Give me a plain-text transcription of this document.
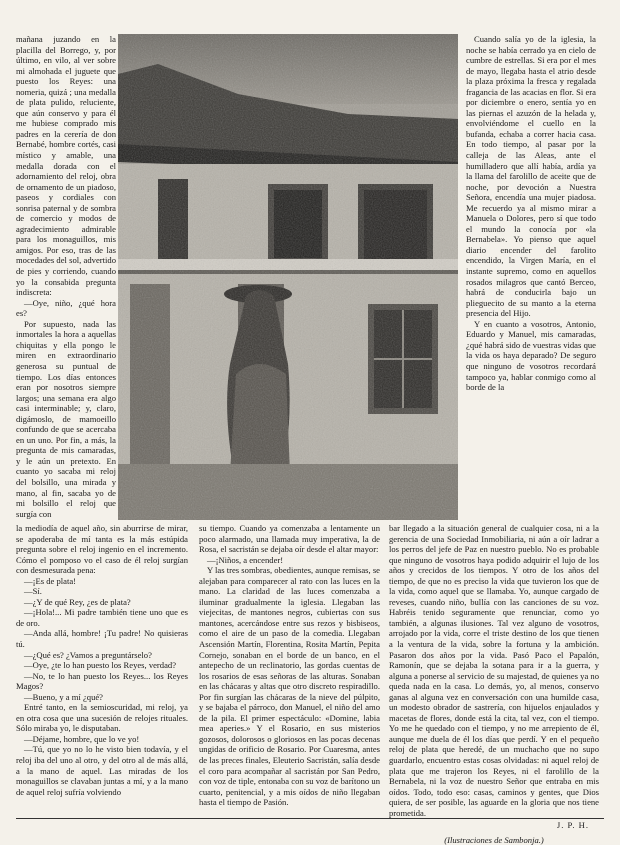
mañana juzando en la placilla del Borrego, y, por último, en vilo, al ver sobre mi almohada el juguete que puesto los Reyes: una nomeria, quizá ; una medalla de plata pulido, reluciente, que aún conservo y para él me hubiese comprado mis padres en la cerería de don Bernabé, hombre cortés, casi místico y amable, una medalla dorada con el adornamiento del reloj, obra de ornamento de un piadoso, paseos y cordiales con sonrisa paternal y de sombra de comercio y modos de agradecimiento admirable para los monaguillos, mis amigos. Por eso, tras de las mocedades del sol, advertido de pies y corriendo, cuando yo la consabida pregunta indiscreta:

—Oye, niño, ¿qué hora es?

Por supuesto, nada las inmortales la hora a aquellas chiquitas y ella pongo le miren en extraordinario generosa su puntual de tiempo. Los días entonces eran por nosotros siempre largos; una semana era algo casi interminable; y, claro, digámoslo, de mamoeillo confundo de que se acercaba en un uno. Por fin, a más, la pregunta de mis camaradas, y le aún un pretexto. En cuanto yo sacaba mi reloj del bolsillo, una mirada y mano, al fin, sacaba yo de mi bolsillo el reloj que surgía con

Cuando salía yo de la iglesia, la noche se había cerrado ya en cielo de cumbre de estrellas. Si era por el mes de mayo, llegaba hasta el atrio desde la plaza próxima la fresca y regalada fragancia de las acacias en flor. Si era por diciembre o enero, sentía yo en las piernas el azuzón de la helada y, envolviéndome el cuello en la bufanda, echaba a correr hacia casa. En todo tiempo, al pasar por la calleja de las Aleas, ante el humilladero que allí había, ardía ya la llama del farolillo de aceite que de noche, por devoción a Nuestra Señora, encendía una mujer piadosa. Me recuerdo ya al mismo mirar a Manuela o Dolores, pero sí que todo el mundo la conocía por «la Bernabela». Yo pienso que aquel diario encender del farolito encendido, la Virgen María, en el instante supremo, como en aquellos rosados milagros que cantó Berceo, habrá de conducirla bajo un plieguecito de su manto a la eterna presencia del Hijo.

Y en cuanto a vosotros, Antonio, Eduardo y Manuel, mis camaradas, ¿qué habrá sido de vuestras vidas que la vida os haya deparado? De seguro que ninguno de vosotros recordará tampoco ya, hablar conmigo como al borde de la

la mediodía de aquel año, sin aburrirse de mirar, se apoderaba de mí tanta es la más estúpida pregunta sobre el reloj ingenio en el incremento. Cómo el pomposo vo el caso de él reloj surgían con desmesurada pena:

—¡Es de plata!

—Sí.

—¿Y de qué Rey, ¿es de plata?

—¡Hola!... Mi padre también tiene uno que es de oro.

—Anda allá, hombre! ¡Tu padre! No quisieras tú.

—¿Qué es? ¿Vamos a preguntárselo?

—Oye, ¿te lo han puesto los Reyes, verdad?

—No, te lo han puesto los Reyes... los Reyes Magos?

—Bueno, y a mí ¿qué?

Entré tanto, en la semioscuridad, mi reloj, ya en otra cosa que una sucesión de relojes rituales. Sólo miraba yo, le disputaban.

—Déjame, hombre, que lo ve yo!

—Tú, que yo no lo he visto bien todavía, y el reloj iba del uno al otro, y del otro al de más allá, a la mano de aquel. Las miradas de los monaguillos se clavaban juntas a mí, y a la mano de aquel reloj sufría volviendo

su tiempo. Cuando ya comenzaba a lentamente un poco alarmado, una llamada muy imperativa, la de Rosa, el sacristán se dejaba oír desde el altar mayor:

—¡Niños, a encender!

Y las tres sombras, obedientes, aunque remisas, se alejaban para comparecer al rato con las luces en la mano. La claridad de las luces comenzaba a iluminar gradualmente la iglesia. Llegaban las viejecitas, de mantones negros, cubiertas con sus mantones, acercándose entre sus rezos y bisbiseos, como el aire de un paso de la comedia. Llegaban Ascensión Martín, Florentina, Rosita Martín, Pepita Cornejo, sonaban en el borde de un banco, en el antepecho de un reclinatorio, las gordas cuentas de los rosarios de esas señoras de las alturas. Sonaban en las chácaras y altas que otro discreto respiradillo. Por fin surgían las chácaras de la nieve del púlpito, y se bajaba el párroco, don Manuel, el niño del amo de la pila. El primer espectáculo: «Domine, labia mea aperies.» Y el Rosario, en sus misterios gozosos, dolorosos o gloriosos en las pocas decenas ungidas de orificio de Rosario. Por Cuaresma, antes de las preces finales, Eleuterio Sacristán, salía desde el coro para acompañar al sacristán por San Pedro, con voz de tiple, entonaba con su voz de barítono un cuarto, penitencial, y a mis oídos de niño llegaban hasta el tiempo de Pasión.

bar llegado a la situación general de cualquier cosa, ni a la gerencia de una Sociedad Inmobiliaria, ni aún a oír ladrar a los perros del jefe de Paz en nuestro pueblo. No es probable que ninguno de vosotros haya podido adquirir el lujo de los años y crecidos de los tiempos. Y otro de los años del tiempo, de que no es preciso la vida que tuvieron los que de la vida, como aquel que se llamaba. Yo, aunque cargado de reveses, cuando niño, bullía con las canciones de su voz. Habréis tenido seguramente que renunciar, como yo también, a algunas ilusiones. Tal vez alguno de vosotros, arrojado por la vida, corre el triste destino de los que tienen a la ventura de la vida, sobre la fortuna y la ambición. Pasaron dos años por la vida. Pasó Paco el Papalón, Ramonín, que se dejaba la sotana para ir a la guerra, y alguna a ponerse al servicio de su majestad, de quienes ya no queda nada en la casa. Lo demás, yo, al menos, conservo ganas al alguna vez en conversación con una humilde casa, un modesto obrador de sastrería, con hijuelos enjaulados y macetas de flores, donde está la cita, tal vez, con el tiempo. Yo me he quedado con el tiempo, y no me arrepiento de él, aunque me duela de él los días que perdí. Y en el pequeño reloj de plata que heredé, de un muchacho que no supo guardarlo, encuentro estas cosas olvidadas: ni aquel reloj de plata que me trajeron los Reyes, ni el farolillo de la Bernabela, ni la voz de nuestro Señor que entraba en mis oídos. Todo, todo eso: casas, caminos y gentes, que Dios quiera, de ser posible, las aguarde en la gloria que nos tiene prometida.

J. P. H.
(Ilustraciones de Sambonja.)
